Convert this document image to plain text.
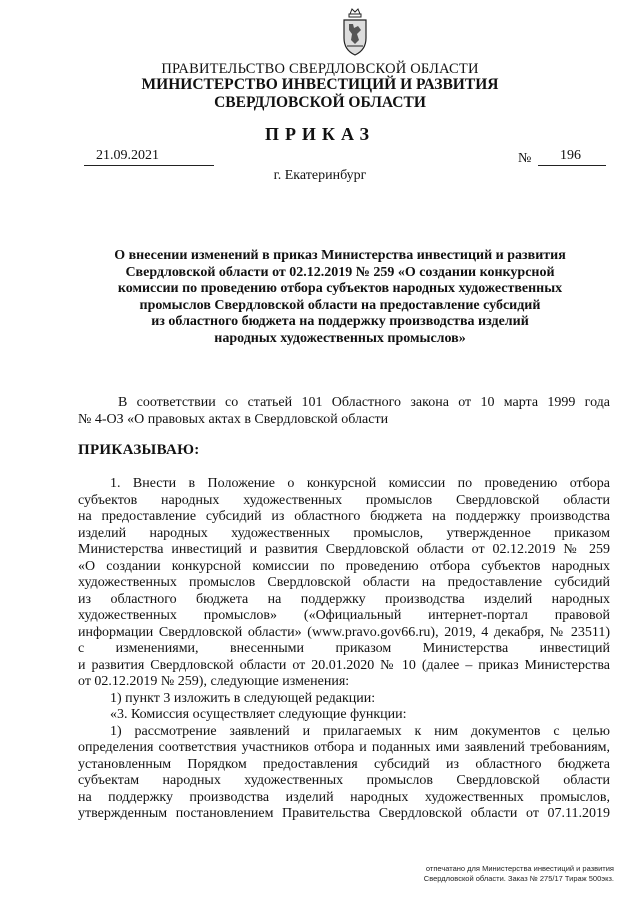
ПРАВИТЕЛЬСТВО СВЕРДЛОВСКОЙ ОБЛАСТИ
МИНИСТЕРСТВО ИНВЕСТИЦИЙ И РАЗВИТИЯ
СВЕРДЛОВСКОЙ ОБЛАСТИ
ПРИКАЗ
21.09.2021	№ 196
г. Екатеринбург
О внесении изменений в приказ Министерства инвестиций и развития
Свердловской области от 02.12.2019 № 259 «О создании конкурсной
комиссии по проведению отбора субъектов народных художественных
промыслов Свердловской области на предоставление субсидий
из областного бюджета на поддержку производства изделий
народных художественных промыслов»
В соответствии со статьей 101 Областного закона от 10 марта 1999 года
№ 4-ОЗ «О правовых актах в Свердловской области
ПРИКАЗЫВАЮ:

1. Внести в Положение о конкурсной комиссии по проведению отбора

субъектов народных художественных промыслов Свердловской области

на предоставление субсидий из областного бюджета на поддержку производства

изделий народных художественных промыслов, утвержденное приказом

Министерства инвестиций и развития Свердловской области от 02.12.2019 № 259

«О создании конкурсной комиссии по проведению отбора субъектов народных

художественных промыслов Свердловской области на предоставление субсидий

из областного бюджета на поддержку производства изделий народных

художественных промыслов» («Официальный интернет-портал правовой

информации Свердловской области» (www.pravo.gov66.ru), 2019, 4 декабря, № 23511)

с изменениями, внесенными приказом Министерства инвестиций

и развития Свердловской области от 20.01.2020 № 10 (далее – приказ Министерства

от 02.12.2019 № 259), следующие изменения:

1) пункт 3 изложить в следующей редакции:

«3. Комиссия осуществляет следующие функции:

1) рассмотрение заявлений и прилагаемых к ним документов с целью

определения соответствия участников отбора и поданных ими заявлений требованиям,

установленным Порядком предоставления субсидий из областного бюджета

субъектам народных художественных промыслов Свердловской области

на поддержку производства изделий народных художественных промыслов,

утвержденным постановлением Правительства Свердловской области от 07.11.2019

отпечатано для Министерства инвестиций и развития
Свердловской области. Заказ № 275/17 Тираж 500экз.
